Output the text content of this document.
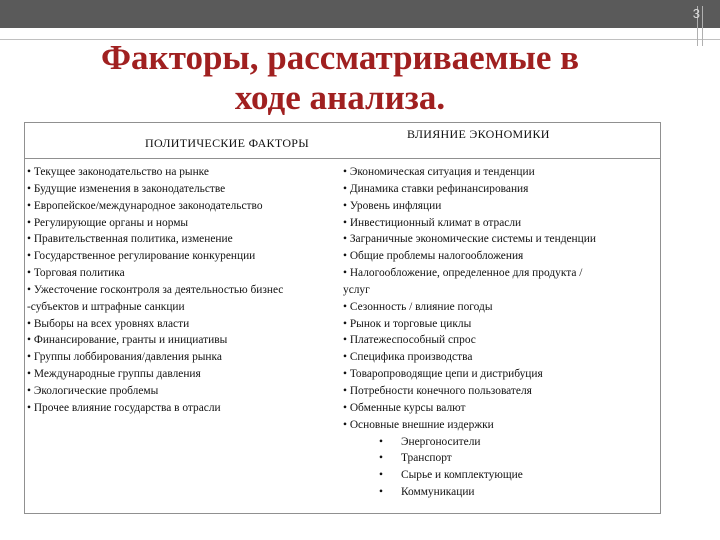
3
Факторы, рассматриваемые в
ходе анализа.
ПОЛИТИЧЕСКИЕ ФАКТОРЫ
ВЛИЯНИЕ ЭКОНОМИКИ
• Текущее законодательство на рынке
• Будущие изменения в законодательстве
• Европейское/международное законодательство
• Регулирующие органы и нормы
• Правительственная политика, изменение
• Государственное регулирование конкуренции
• Торговая политика
• Ужесточение госконтроля за деятельностью бизнес
-субъектов и штрафные санкции
• Выборы на всех уровнях власти
• Финансирование, гранты и инициативы
• Группы лоббирования/давления рынка
• Международные группы давления
• Экологические проблемы
• Прочее влияние государства в отрасли
• Экономическая ситуация и тенденции
• Динамика ставки рефинансирования
• Уровень инфляции
• Инвестиционный климат в отрасли
• Заграничные экономические системы и тенденции
• Общие проблемы налогообложения
• Налогообложение, определенное для продукта /
услуг
• Сезонность / влияние погоды
• Рынок и торговые циклы
• Платежеспособный спрос
• Специфика производства
• Товаропроводящие цепи и дистрибуция
• Потребности конечного пользователя
• Обменные курсы валют
• Основные внешние издержки
• Энергоносители
• Транспорт
• Сырье и комплектующие
• Коммуникации
